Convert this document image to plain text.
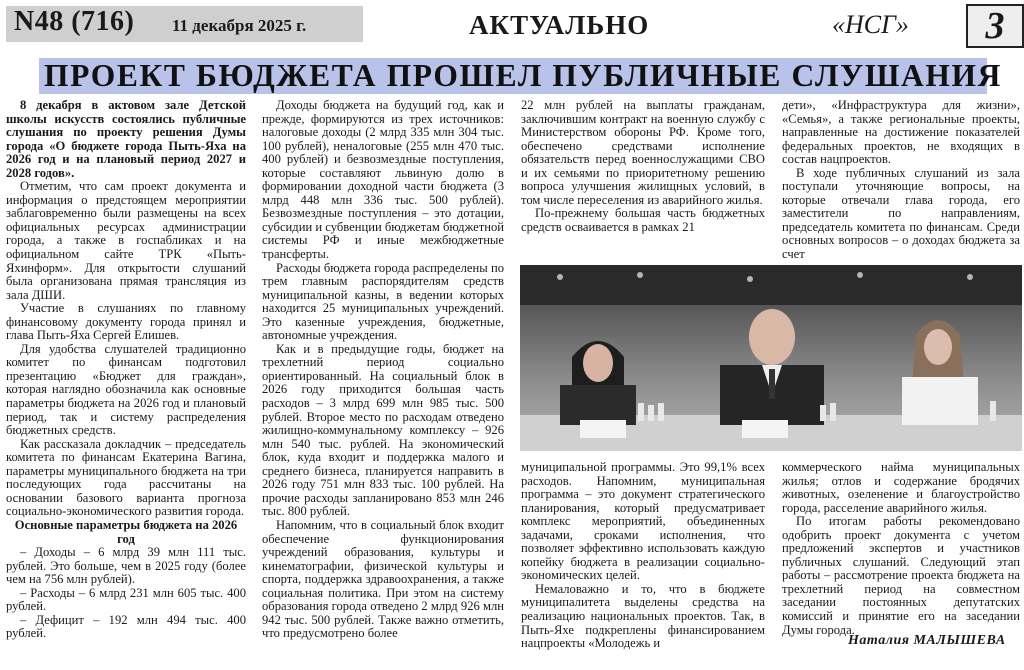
N48 (716) 11 декабря 2025 г.	АКТУАЛЬНО	«НСГ»	3
ПРОЕКТ БЮДЖЕТА ПРОШЕЛ ПУБЛИЧНЫЕ СЛУШАНИЯ

8 декабря в актовом зале Детской школы искусств состоялись публичные слушания по проекту решения Думы города «О бюджете города Пыть-Яха на 2026 год и на плановый период 2027 и 2028 годов».

Отметим, что сам проект документа и информация о предстоящем мероприятии заблаговременно были размещены на всех официальных ресурсах администрации города, а также в госпабликах и на официальном сайте ТРК «Пыть-Яхинформ». Для открытости слушаний была организована прямая трансляция из зала ДШИ.

Участие в слушаниях по главному финансовому документу города принял и глава Пыть-Яха Сергей Елишев.

Для удобства слушателей традиционно комитет по финансам подготовил презентацию «Бюджет для граждан», которая наглядно обозначила как основные параметры бюджета на 2026 год и плановый период, так и систему распределения бюджетных средств.

Как рассказала докладчик – председатель комитета по финансам Екатерина Вагина, параметры муниципального бюджета на три последующих года рассчитаны на основании базового варианта прогноза социально-экономического развития города.

Основные параметры бюджета на 2026 год

– Доходы – 6 млрд 39 млн 111 тыс. рублей. Это больше, чем в 2025 году (более чем на 756 млн рублей).

– Расходы – 6 млрд 231 млн 605 тыс. 400 рублей.

– Дефицит – 192 млн 494 тыс. 400 рублей.

Доходы бюджета на будущий год, как и прежде, формируются из трех источников: налоговые доходы (2 млрд 335 млн 304 тыс. 100 рублей), неналоговые (255 млн 470 тыс. 400 рублей) и безвозмездные поступления, которые составляют львиную долю в формировании доходной части бюджета (3 млрд 448 млн 336 тыс. 500 рублей). Безвозмездные поступления – это дотации, субсидии и субвенции бюджетам бюджетной системы РФ и иные межбюджетные трансферты.

Расходы бюджета города распределены по трем главным распорядителям средств муниципальной казны, в ведении которых находится 25 муниципальных учреждений. Это казенные учреждения, бюджетные, автономные учреждения.

Как и в предыдущие годы, бюджет на трехлетний период социально ориентированный. На социальный блок в 2026 году приходится большая часть расходов – 3 млрд 699 млн 985 тыс. 500 рублей. Второе место по расходам отведено жилищно-коммунальному комплексу – 926 млн 540 тыс. рублей. На экономический блок, куда входит и поддержка малого и среднего бизнеса, планируется направить в 2026 году 751 млн 833 тыс. 100 рублей. На прочие расходы запланировано 853 млн 246 тыс. 800 рублей.

Напомним, что в социальный блок входит обеспечение функционирования учреждений образования, культуры и кинематографии, физической культуры и спорта, поддержка здравоохранения, а также социальная политика. При этом на систему образования города отведено 2 млрд 926 млн 942 тыс. 500 рублей. Также важно отметить, что предусмотрено более

22 млн рублей на выплаты гражданам, заключившим контракт на военную службу с Министерством обороны РФ. Кроме того, обеспечено средствами исполнение обязательств перед военнослужащими СВО и их семьями по приоритетному решению вопроса улучшения жилищных условий, в том числе переселения из аварийного жилья.

По-прежнему большая часть бюджетных средств осваивается в рамках 21

дети», «Инфраструктура для жизни», «Семья», а также региональные проекты, направленные на достижение показателей федеральных проектов, не входящих в состав нацпроектов.

В ходе публичных слушаний из зала поступали уточняющие вопросы, на которые отвечали глава города, его заместители по направлениям, председатель комитета по финансам. Среди основных вопросов – о доходах бюджета за счет

муниципальной программы. Это 99,1% всех расходов. Напомним, муниципальная программа – это документ стратегического планирования, который предусматривает комплекс мероприятий, объединенных задачами, сроками исполнения, что позволяет эффективно использовать каждую копейку бюджета в реализации социально-экономических целей.

Немаловажно и то, что в бюджете муниципалитета выделены средства на реализацию национальных проектов. Так, в Пыть-Яхе подкреплены финансированием нацпроекты «Молодежь и

коммерческого найма муниципальных жилья; отлов и содержание бродячих животных, озеленение и благоустройство города, расселение аварийного жилья.

По итогам работы рекомендовано одобрить проект документа с учетом предложений экспертов и участников публичных слушаний. Следующий этап работы – рассмотрение проекта бюджета на трехлетний период на совместном заседании постоянных депутатских комиссий и принятие его на заседании Думы города.

Наталия МАЛЫШЕВА
